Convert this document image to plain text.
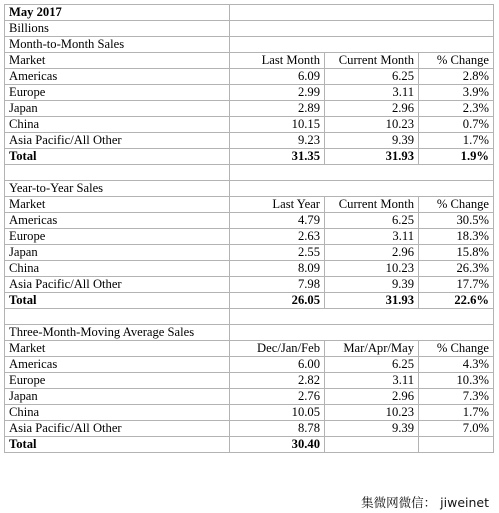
May 2017			
Billions			
Month-to-Month Sales			
Market	Last Month	Current Month	% Change
Americas	6.09	6.25	2.8%
Europe	2.99	3.11	3.9%
Japan	2.89	2.96	2.3%
China	10.15	10.23	0.7%
Asia Pacific/All Other	9.23	9.39	1.7%
Total	31.35	31.93	1.9%

Year-to-Year Sales			
Market	Last Year	Current Month	% Change
Americas	4.79	6.25	30.5%
Europe	2.63	3.11	18.3%
Japan	2.55	2.96	15.8%
China	8.09	10.23	26.3%
Asia Pacific/All Other	7.98	9.39	17.7%
Total	26.05	31.93	22.6%

Three-Month-Moving Average Sales			
Market	Dec/Jan/Feb	Mar/Apr/May	% Change
Americas	6.00	6.25	4.3%
Europe	2.82	3.11	10.3%
Japan	2.76	2.96	7.3%
China	10.05	10.23	1.7%
Asia Pacific/All Other	8.78	9.39	7.0%
Total	30.40		
集微网微信： jiweinet
